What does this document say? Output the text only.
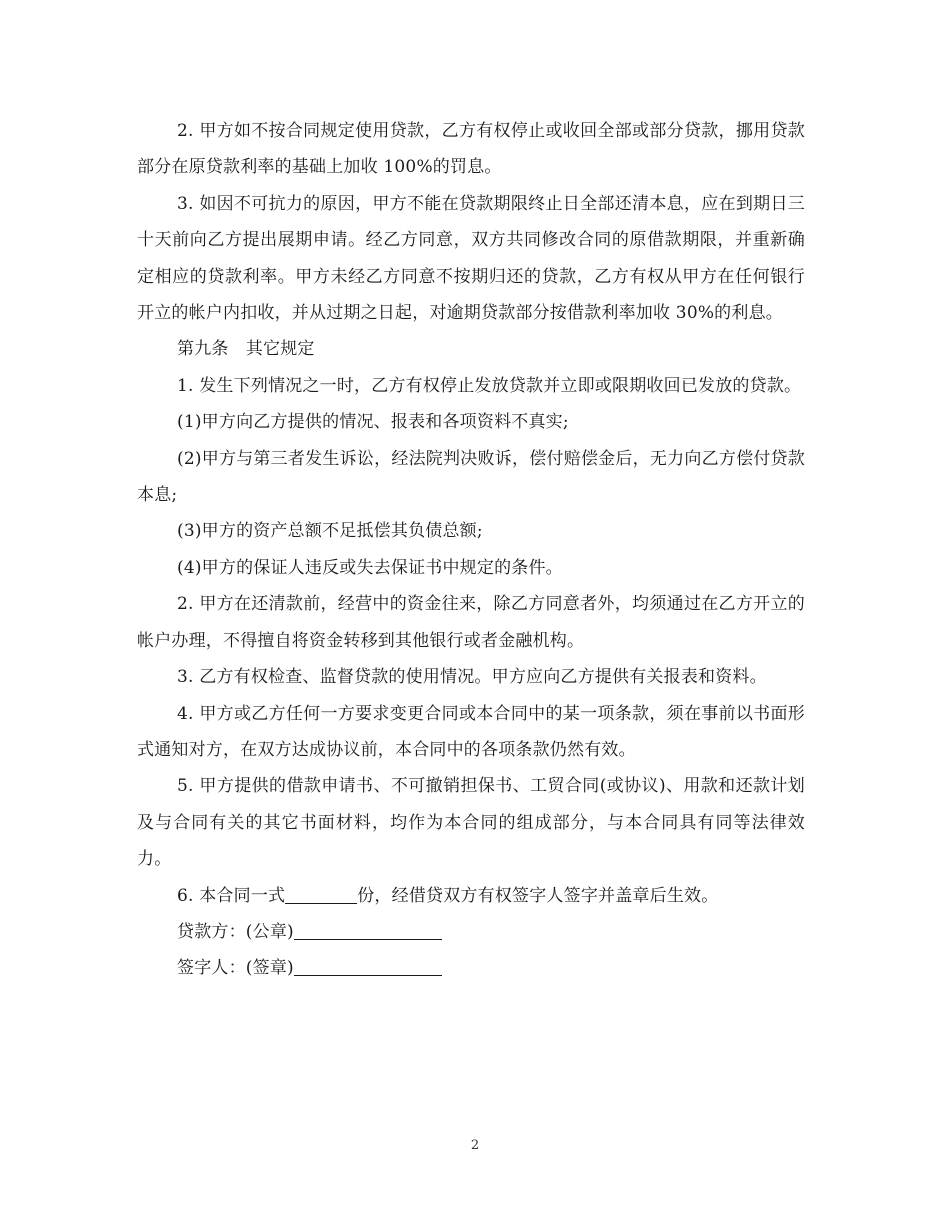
2. 甲方如不按合同规定使用贷款，乙方有权停止或收回全部或部分贷款，挪用贷款部分在原贷款利率的基础上加收 100%的罚息。

3. 如因不可抗力的原因，甲方不能在贷款期限终止日全部还清本息，应在到期日三十天前向乙方提出展期申请。经乙方同意，双方共同修改合同的原借款期限，并重新确定相应的贷款利率。甲方未经乙方同意不按期归还的贷款，乙方有权从甲方在任何银行开立的帐户内扣收，并从过期之日起，对逾期贷款部分按借款利率加收 30%的利息。

第九条　其它规定

1. 发生下列情况之一时，乙方有权停止发放贷款并立即或限期收回已发放的贷款。

(1)甲方向乙方提供的情况、报表和各项资料不真实;

(2)甲方与第三者发生诉讼，经法院判决败诉，偿付赔偿金后，无力向乙方偿付贷款本息;

(3)甲方的资产总额不足抵偿其负债总额;

(4)甲方的保证人违反或失去保证书中规定的条件。

2. 甲方在还清款前，经营中的资金往来，除乙方同意者外，均须通过在乙方开立的帐户办理，不得擅自将资金转移到其他银行或者金融机构。

3. 乙方有权检查、监督贷款的使用情况。甲方应向乙方提供有关报表和资料。

4. 甲方或乙方任何一方要求变更合同或本合同中的某一项条款，须在事前以书面形式通知对方，在双方达成协议前，本合同中的各项条款仍然有效。

5. 甲方提供的借款申请书、不可撤销担保书、工贸合同(或协议)、用款和还款计划及与合同有关的其它书面材料，均作为本合同的组成部分，与本合同具有同等法律效力。

6. 本合同一式	份，经借贷双方有权签字人签字并盖章后生效。

贷款方：(公章)

签字人：(签章)

2
